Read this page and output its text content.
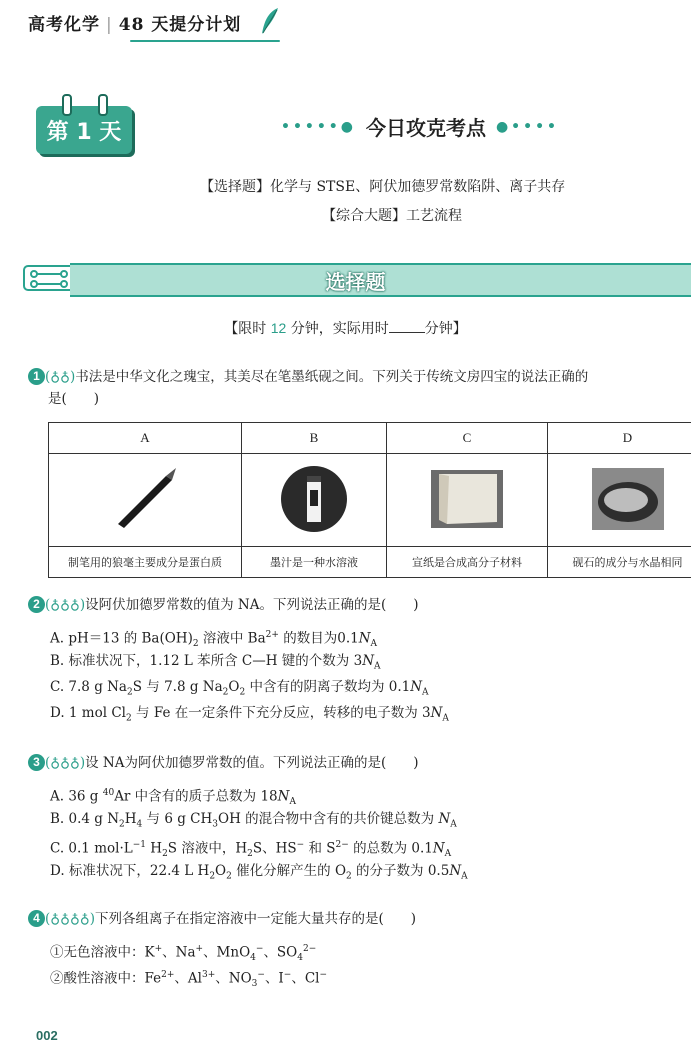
高考化学 | 48 天提分计划
第 1 天	•••••● 今日攻克考点 ●••••
【选择题】化学与 STSE、阿伏加德罗常数陷阱、离子共存
【综合大题】工艺流程
选择题
【限时 12 分钟，实际用时	分钟】
1 (♁♁)书法是中华文化之瑰宝，其美尽在笔墨纸砚之间。下列关于传统文房四宝的说法正确的
是(　　)
A	B	C	D

制笔用的狼毫主要成分是蛋白质	墨汁是一种水溶液	宣纸是合成高分子材料	砚石的成分与水晶相同
2 (♁♁♁)设阿伏加德罗常数的值为 NA。下列说法正确的是(　　)
A. pH＝13 的 $Ba(OH)_2$ 溶液中 $Ba^{2+}$ 的数目为$0.1N_A$
B. 标准状况下，1.12 L 苯所含 C—H 键的个数为 $3N_A$
C. 7.8 g $Na_2S$ 与 7.8 g $Na_2O_2$ 中含有的阴离子数均为 $0.1N_A$
D. 1 mol $Cl_2$ 与 Fe 在一定条件下充分反应，转移的电子数为 $3N_A$
3 (♁♁♁)设 NA为阿伏加德罗常数的值。下列说法正确的是(　　)
A. 36 g $^{40}$Ar 中含有的质子总数为 $18N_A$
B. 0.4 g $N_2H_4$ 与 6 g $CH_3OH$ 的混合物中含有的共价键总数为 $N_A$
C. 0.1 $mol\cdot L^{-1}$ $H_2S$ 溶液中，$H_2S$、HS− 和 $S^{2-}$ 的总数为 $0.1N_A$
D. 标准状况下，22.4 L $H_2O_2$ 催化分解产生的 $O_2$ 的分子数为 $0.5N_A$
4 (♁♁♁♁)下列各组离子在指定溶液中一定能大量共存的是(　　)
①无色溶液中：K+、Na+、MnO$_4$−、$SO_4^{2-}$
②酸性溶液中：$Fe^{2+}$、$Al^{3+}$、$NO_3^-$、I−、Cl−
002
